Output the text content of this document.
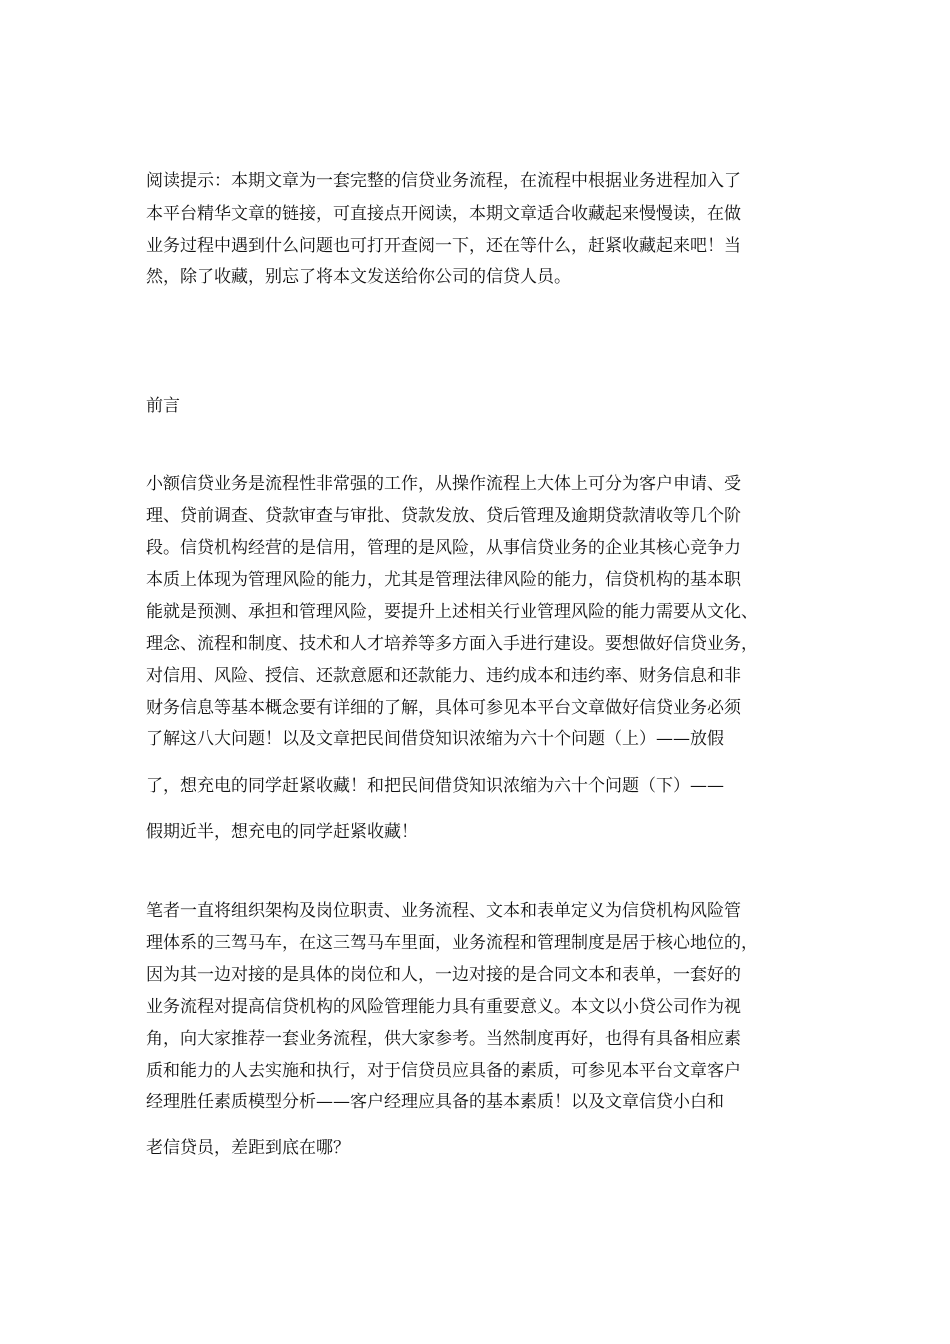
阅读提示：本期文章为一套完整的信贷业务流程，在流程中根据业务进程加入了
本平台精华文章的链接，可直接点开阅读，本期文章适合收藏起来慢慢读，在做
业务过程中遇到什么问题也可打开查阅一下，还在等什么，赶紧收藏起来吧！当
然，除了收藏，别忘了将本文发送给你公司的信贷人员。
前言
小额信贷业务是流程性非常强的工作，从操作流程上大体上可分为客户申请、受
理、贷前调查、贷款审查与审批、贷款发放、贷后管理及逾期贷款清收等几个阶
段。信贷机构经营的是信用，管理的是风险，从事信贷业务的企业其核心竞争力
本质上体现为管理风险的能力，尤其是管理法律风险的能力，信贷机构的基本职
能就是预测、承担和管理风险，要提升上述相关行业管理风险的能力需要从文化、
理念、流程和制度、技术和人才培养等多方面入手进行建设。要想做好信贷业务，
对信用、风险、授信、还款意愿和还款能力、违约成本和违约率、财务信息和非
财务信息等基本概念要有详细的了解，具体可参见本平台文章做好信贷业务必须
了解这八大问题！以及文章把民间借贷知识浓缩为六十个问题（上）——放假
了，想充电的同学赶紧收藏！和把民间借贷知识浓缩为六十个问题（下）——
假期近半，想充电的同学赶紧收藏！
笔者一直将组织架构及岗位职责、业务流程、文本和表单定义为信贷机构风险管
理体系的三驾马车，在这三驾马车里面，业务流程和管理制度是居于核心地位的，
因为其一边对接的是具体的岗位和人，一边对接的是合同文本和表单，一套好的
业务流程对提高信贷机构的风险管理能力具有重要意义。本文以小贷公司作为视
角，向大家推荐一套业务流程，供大家参考。当然制度再好，也得有具备相应素
质和能力的人去实施和执行，对于信贷员应具备的素质，可参见本平台文章客户
经理胜任素质模型分析——客户经理应具备的基本素质！以及文章信贷小白和
老信贷员，差距到底在哪？
